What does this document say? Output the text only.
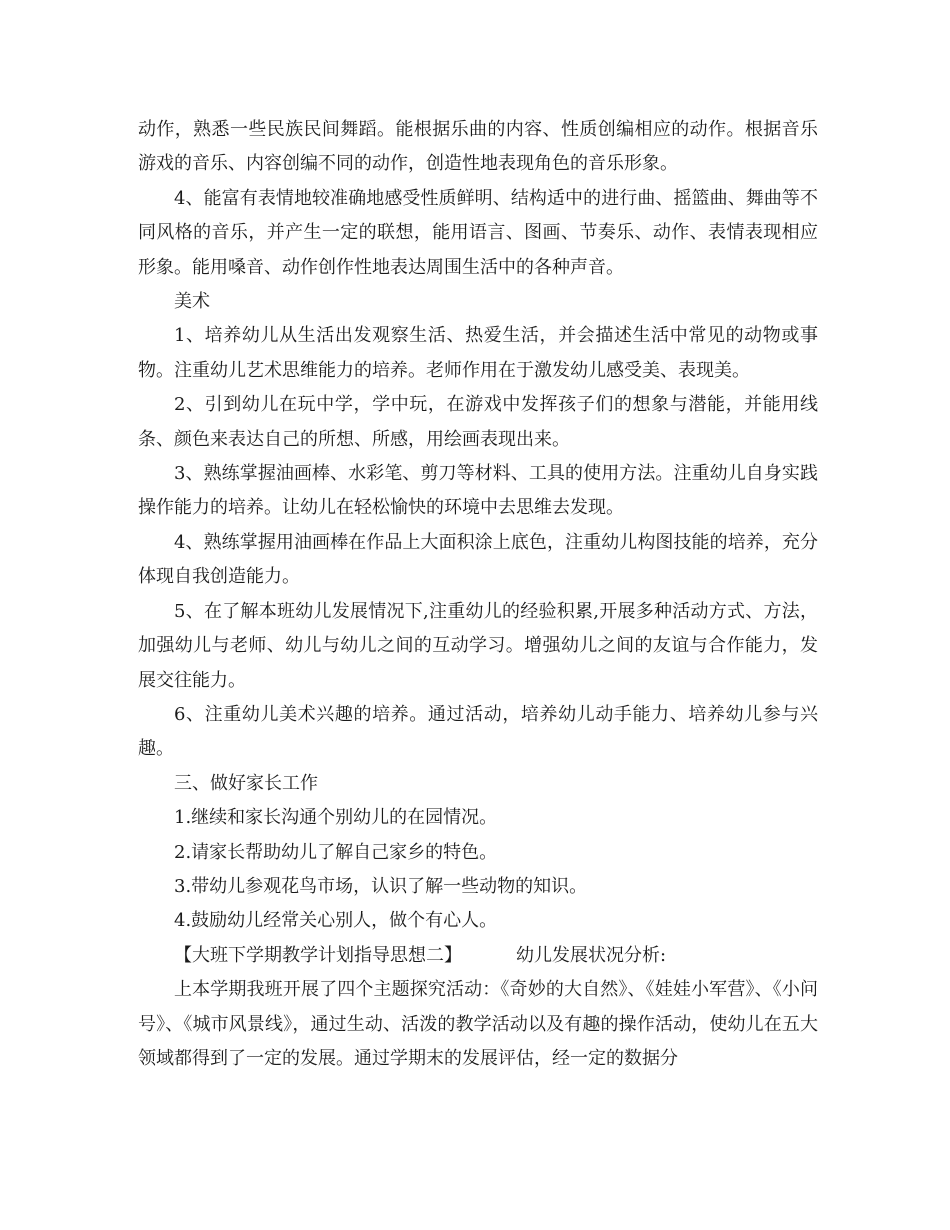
动作，熟悉一些民族民间舞蹈。能根据乐曲的内容、性质创编相应的动作。根据音乐游戏的音乐、内容创编不同的动作，创造性地表现角色的音乐形象。

4、能富有表情地较准确地感受性质鲜明、结构适中的进行曲、摇篮曲、舞曲等不同风格的音乐，并产生一定的联想，能用语言、图画、节奏乐、动作、表情表现相应形象。能用嗓音、动作创作性地表达周围生活中的各种声音。

美术

1、培养幼儿从生活出发观察生活、热爱生活，并会描述生活中常见的动物或事物。注重幼儿艺术思维能力的培养。老师作用在于激发幼儿感受美、表现美。

2、引到幼儿在玩中学，学中玩，在游戏中发挥孩子们的想象与潜能，并能用线条、颜色来表达自己的所想、所感，用绘画表现出来。

3、熟练掌握油画棒、水彩笔、剪刀等材料、工具的使用方法。注重幼儿自身实践操作能力的培养。让幼儿在轻松愉快的环境中去思维去发现。

4、熟练掌握用油画棒在作品上大面积涂上底色，注重幼儿构图技能的培养，充分体现自我创造能力。

5、在了解本班幼儿发展情况下,注重幼儿的经验积累,开展多种活动方式、方法，加强幼儿与老师、幼儿与幼儿之间的互动学习。增强幼儿之间的友谊与合作能力，发展交往能力。

6、注重幼儿美术兴趣的培养。通过活动，培养幼儿动手能力、培养幼儿参与兴趣。

三、做好家长工作

1.继续和家长沟通个别幼儿的在园情况。

2.请家长帮助幼儿了解自己家乡的特色。

3.带幼儿参观花鸟市场，认识了解一些动物的知识。

4.鼓励幼儿经常关心别人，做个有心人。

【大班下学期教学计划指导思想二】	幼儿发展状况分析:

上本学期我班开展了四个主题探究活动：《奇妙的大自然》、《娃娃小军营》、《小问号》、《城市风景线》，通过生动、活泼的教学活动以及有趣的操作活动，使幼儿在五大领域都得到了一定的发展。通过学期末的发展评估，经一定的数据分
